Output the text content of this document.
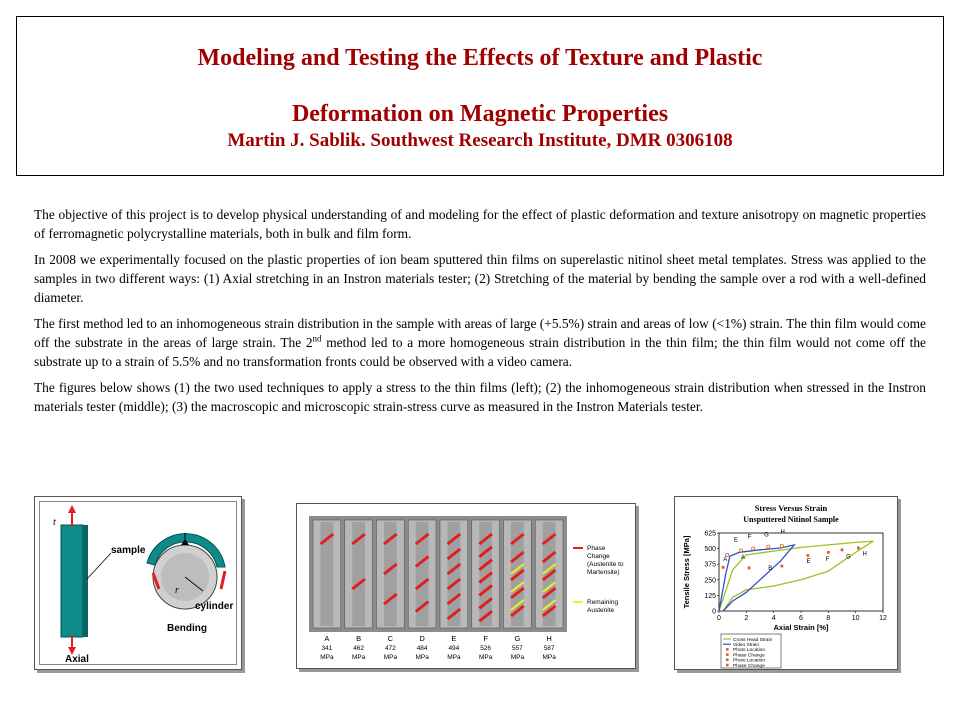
Modeling and Testing the Effects of Texture and Plastic
Deformation on Magnetic Properties
Martin J. Sablik. Southwest Research Institute, DMR 0306108

The objective of this project is to develop physical understanding of and modeling for the effect of plastic deformation and texture anisotropy on magnetic properties of ferromagnetic polycrystalline materials, both in bulk and film form.

In 2008 we experimentally focused on the plastic properties of ion beam sputtered thin films on superelastic nitinol sheet metal templates. Stress was applied to the samples in two different ways: (1) Axial stretching in an Instron materials tester; (2) Stretching of the material by bending the sample over a rod with a well-defined diameter.

The first method led to an inhomogeneous strain distribution in the sample with areas of large (+5.5%) strain and areas of low (<1%) strain. The thin film would come off the substrate in the areas of large strain. The 2nd method led to a more homogeneous strain distribution in the thin film; the thin film would not come off the substrate up to a strain of 5.5% and no transformation fronts could be observed with a video camera.

The figures below shows (1) the two used techniques to apply a stress to the thin films (left); (2) the inhomogeneous strain distribution when stressed in the Instron materials tester (middle); (3) the macroscopic and microscopic strain-stress curve as measured in the Instron Materials tester.

t
sample
Axial
r
cylinder
Bending
A
341
MPa
B
462
MPa
C
472
MPa
D
484
MPa
E
494
MPa
F
526
MPa
G
557
MPa
H
587
MPa
Phase Change (Austenite to Martensite)
Remaining Austenite
Stress Versus Strain
Unsputtered Nitinol Sample
0	2	4	6	8	10	12
0
125
250
375
500
625
Axial Strain [%]
Tensile Stress [MPa]	A
E
F G
H
A
B
E	F	G
H
Cross Head Strain
Video Strain
Photo Location
Phase Change
Photo Location
Phase Change
